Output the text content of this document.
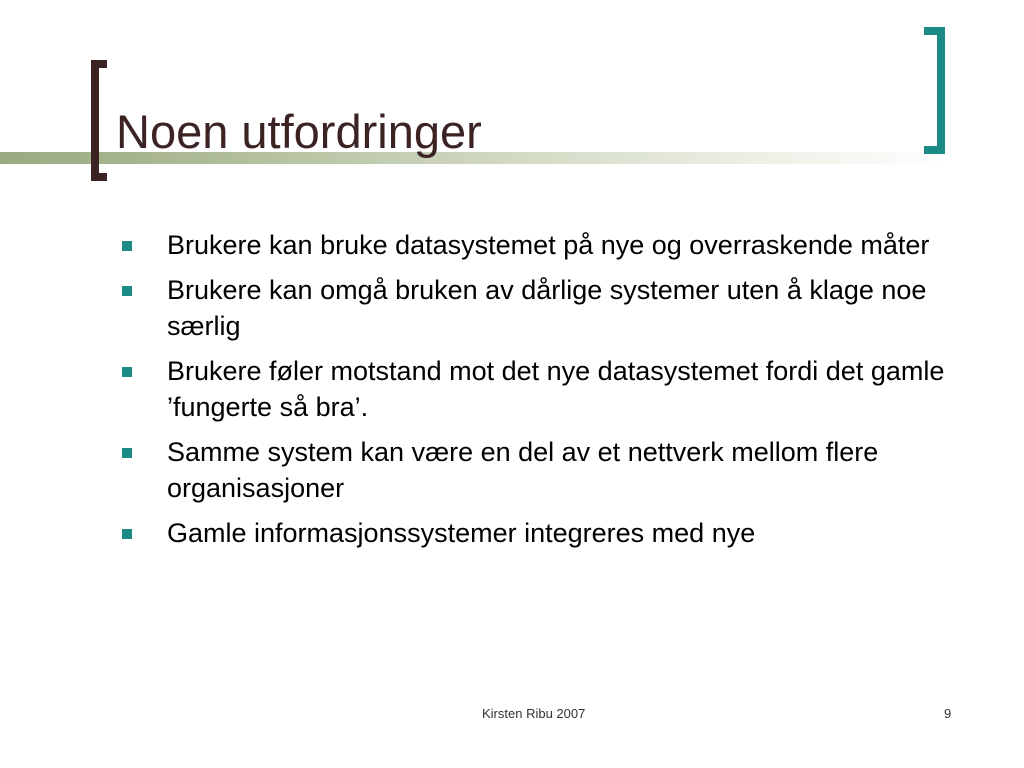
Noen utfordringer
Brukere kan bruke datasystemet på nye og overraskende måter
Brukere kan omgå bruken av dårlige systemer uten å klage noe særlig
Brukere føler motstand mot det nye datasystemet fordi det gamle ’fungerte så bra’.
Samme system kan være en del av et nettverk mellom flere organisasjoner
Gamle informasjonssystemer integreres med nye
Kirsten Ribu 2007	9
